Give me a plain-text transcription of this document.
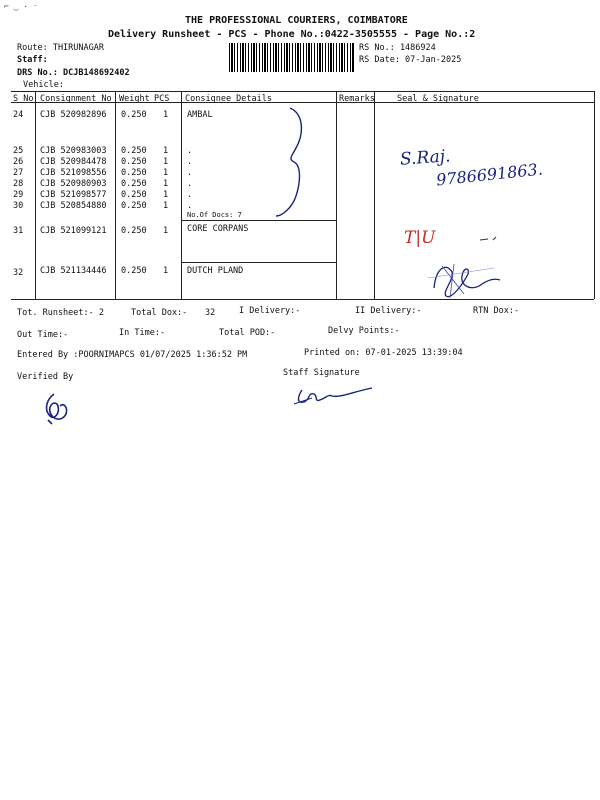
⌐ ‿ · ⁻
THE PROFESSIONAL COURIERS, COIMBATORE
Delivery Runsheet - PCS - Phone No.:0422-3505555 - Page No.:2
Route: THIRUNAGAR
Staff:
DRS No.: DCJB148692402
Vehicle:
RS No.: 1486924
RS Date: 07-Jan-2025
S No Consignment No Weight PCS Consignee Details	Remarks	Seal & Signature
24 CJB 520982896 0.250 1 AMBAL
25 CJB 520983003 0.250 1 .
26 CJB 520984478 0.250 1 .
27 CJB 521098556 0.250 1 .
28 CJB 520980903 0.250 1 .
29 CJB 521098577 0.250 1 .
30 CJB 520854880 0.250 1 .
No.Of Docs: 7
31 CJB 521099121 0.250 1 CORE CORPANS
32 CJB 521134446 0.250 1 DUTCH PLAND
S.Raj.
9786691863.
T|U
Tot. Runsheet:- 2	Total Dox:- 32	I Delivery:-	II Delivery:-	RTN Dox:-
Out Time:-	In Time:-	Total POD:-	Delvy Points:-
Entered By :POORNIMAPCS 01/07/2025 1:36:52 PM	Printed on: 07-01-2025 13:39:04
Verified By	Staff Signature
